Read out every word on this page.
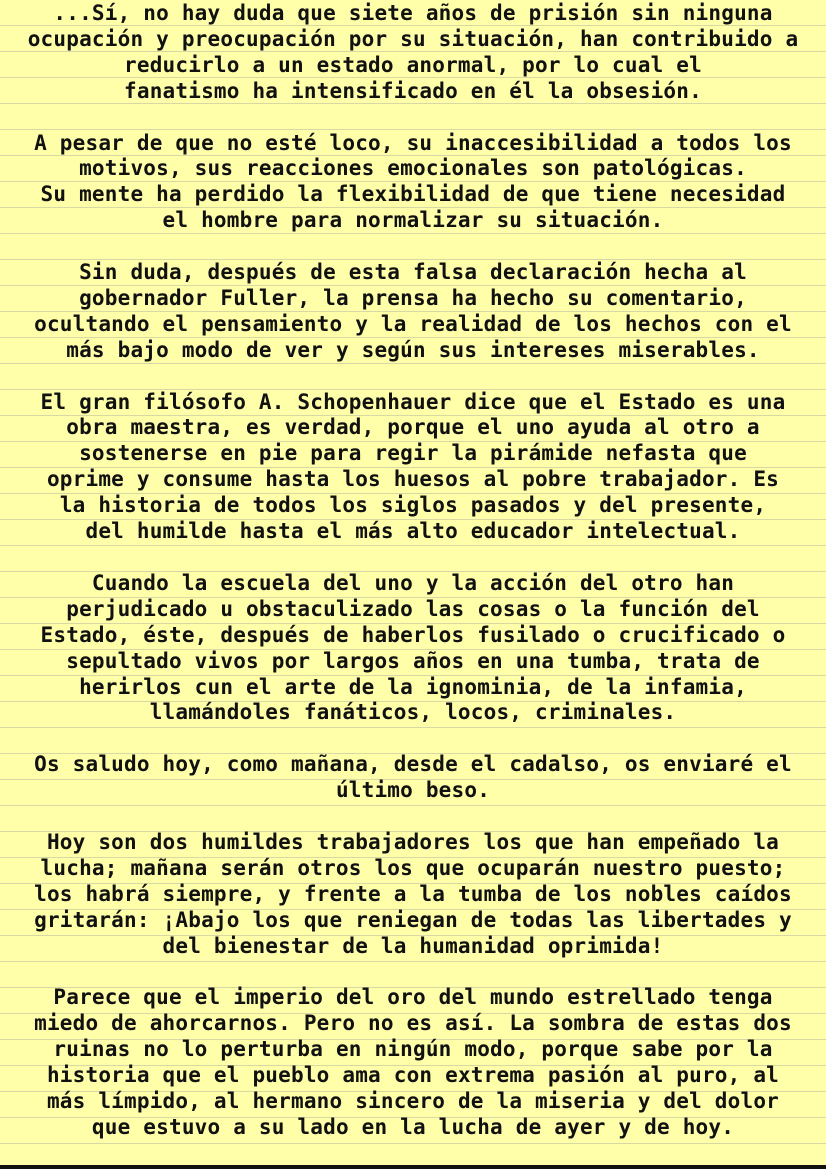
...Sí, no hay duda que siete años de prisión sin ninguna
ocupación y preocupación por su situación, han contribuido a
reducirlo a un estado anormal, por lo cual el
fanatismo ha intensificado en él la obsesión.

A pesar de que no esté loco, su inaccesibilidad a todos los
motivos, sus reacciones emocionales son patológicas.
Su mente ha perdido la flexibilidad de que tiene necesidad
el hombre para normalizar su situación.

Sin duda, después de esta falsa declaración hecha al
gobernador Fuller, la prensa ha hecho su comentario,
ocultando el pensamiento y la realidad de los hechos con el
más bajo modo de ver y según sus intereses miserables.

El gran filósofo A. Schopenhauer dice que el Estado es una
obra maestra, es verdad, porque el uno ayuda al otro a
sostenerse en pie para regir la pirámide nefasta que
oprime y consume hasta los huesos al pobre trabajador. Es
la historia de todos los siglos pasados y del presente,
del humilde hasta el más alto educador intelectual.

Cuando la escuela del uno y la acción del otro han
perjudicado u obstaculizado las cosas o la función del
Estado, éste, después de haberlos fusilado o crucificado o
sepultado vivos por largos años en una tumba, trata de
herirlos cun el arte de la ignominia, de la infamia,
llamándoles fanáticos, locos, criminales.

Os saludo hoy, como mañana, desde el cadalso, os enviaré el
último beso.

Hoy son dos humildes trabajadores los que han empeñado la
lucha; mañana serán otros los que ocuparán nuestro puesto;
los habrá siempre, y frente a la tumba de los nobles caídos
gritarán: ¡Abajo los que reniegan de todas las libertades y
del bienestar de la humanidad oprimida!

Parece que el imperio del oro del mundo estrellado tenga
miedo de ahorcarnos. Pero no es así. La sombra de estas dos
ruinas no lo perturba en ningún modo, porque sabe por la
historia que el pueblo ama con extrema pasión al puro, al
más límpido, al hermano sincero de la miseria y del dolor
que estuvo a su lado en la lucha de ayer y de hoy.
